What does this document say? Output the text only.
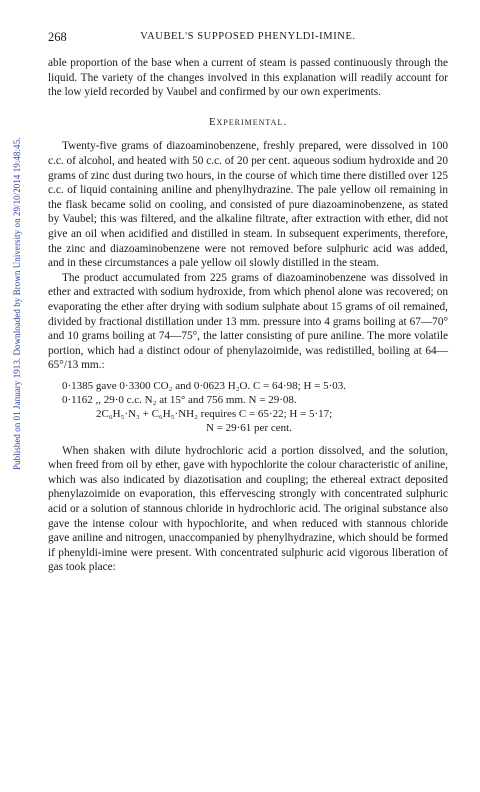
268	VAUBEL'S SUPPOSED PHENYLDI-IMINE.
Published on 01 January 1913. Downloaded by Brown University on 29/10/2014 19:48:45.

able proportion of the base when a current of steam is passed continuously through the liquid. The variety of the changes involved in this explanation will readily account for the low yield recorded by Vaubel and confirmed by our own experiments.

Experimental.

Twenty-five grams of diazoaminobenzene, freshly prepared, were dissolved in 100 c.c. of alcohol, and heated with 50 c.c. of 20 per cent. aqueous sodium hydroxide and 20 grams of zinc dust during two hours, in the course of which time there distilled over 125 c.c. of liquid containing aniline and phenylhydrazine. The pale yellow oil remaining in the flask became solid on cooling, and consisted of pure diazoaminobenzene, as stated by Vaubel; this was filtered, and the alkaline filtrate, after extraction with ether, did not give an oil when acidified and distilled in steam. In subsequent experiments, therefore, the zinc and diazoaminobenzene were not removed before sulphuric acid was added, and in these circumstances a pale yellow oil slowly distilled in the steam.

The product accumulated from 225 grams of diazoaminobenzene was dissolved in ether and extracted with sodium hydroxide, from which phenol alone was recovered; on evaporating the ether after drying with sodium sulphate about 15 grams of oil remained, divided by fractional distillation under 13 mm. pressure into 4 grams boiling at 67—70° and 10 grams boiling at 74—75°, the latter consisting of pure aniline. The more volatile portion, which had a distinct odour of phenylazoimide, was redistilled, boiling at 64—65°/13 mm.:

0·1385 gave 0·3300 CO₂ and 0·0623 H₂O. C = 64·98; H = 5·03.
0·1162 ,, 29·0 c.c. N₂ at 15° and 756 mm. N = 29·08.
2C₆H₅·N₃ + C₆H₅·NH₂ requires C = 65·22; H = 5·17;
N = 29·61 per cent.

When shaken with dilute hydrochloric acid a portion dissolved, and the solution, when freed from oil by ether, gave with hypochlorite the colour characteristic of aniline, which was also indicated by diazotisation and coupling; the ethereal extract deposited phenylazoimide on evaporation, this effervescing strongly with concentrated sulphuric acid or a solution of stannous chloride in hydrochloric acid. The original substance also gave the intense colour with hypochlorite, and when reduced with stannous chloride gave aniline and nitrogen, unaccompanied by phenylhydrazine, which should be formed if phenyldi-imine were present. With concentrated sulphuric acid vigorous liberation of gas took place:
